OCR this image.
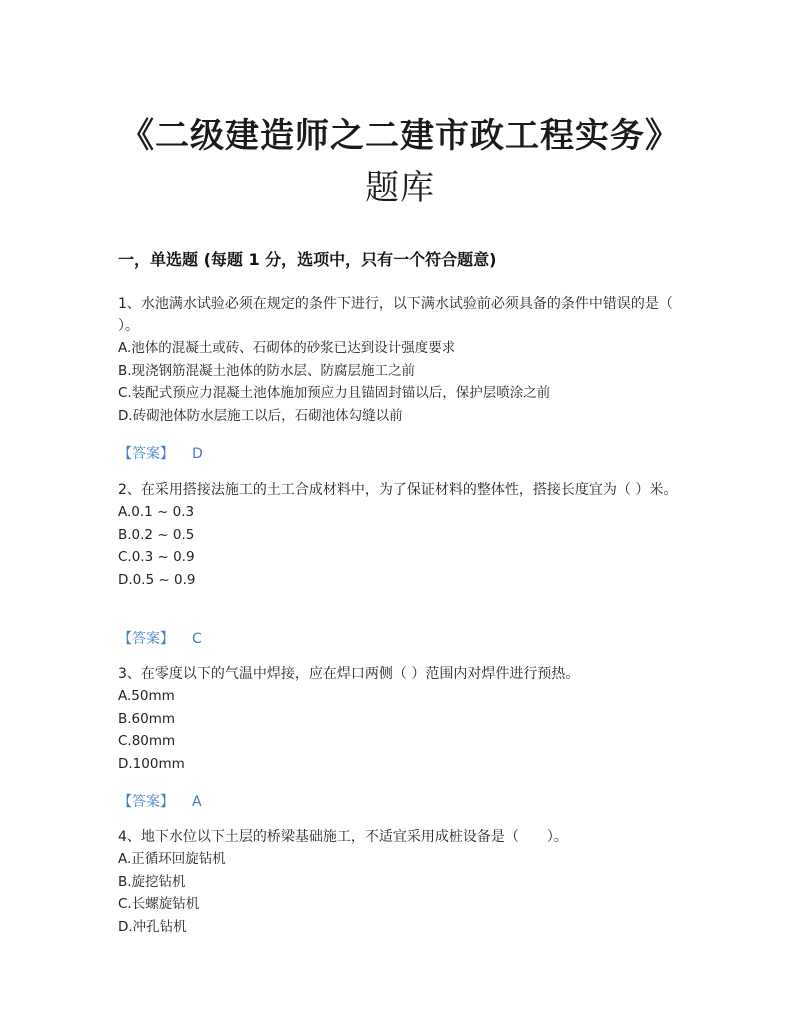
《二级建造师之二建市政工程实务》
题库
一，单选题 (每题 1 分，选项中，只有一个符合题意)
1、水池满水试验必须在规定的条件下进行，以下满水试验前必须具备的条件中错误的是（ ）。
A.池体的混凝土或砖、石砌体的砂浆已达到设计强度要求
B.现浇钢筋混凝土池体的防水层、防腐层施工之前
C.装配式预应力混凝土池体施加预应力且锚固封锚以后，保护层喷涂之前
D.砖砌池体防水层施工以后，石砌池体勾缝以前
【答案】 D
2、在采用搭接法施工的土工合成材料中，为了保证材料的整体性，搭接长度宜为（ ）米。
A.0.1 ~ 0.3
B.0.2 ~ 0.5
C.0.3 ~ 0.9
D.0.5 ~ 0.9
【答案】 C
3、在零度以下的气温中焊接，应在焊口两侧（ ）范围内对焊件进行预热。
A.50mm
B.60mm
C.80mm
D.100mm
【答案】 A
4、地下水位以下土层的桥梁基础施工，不适宜采用成桩设备是（　　）。
A.正循环回旋钻机
B.旋挖钻机
C.长螺旋钻机
D.冲孔钻机
